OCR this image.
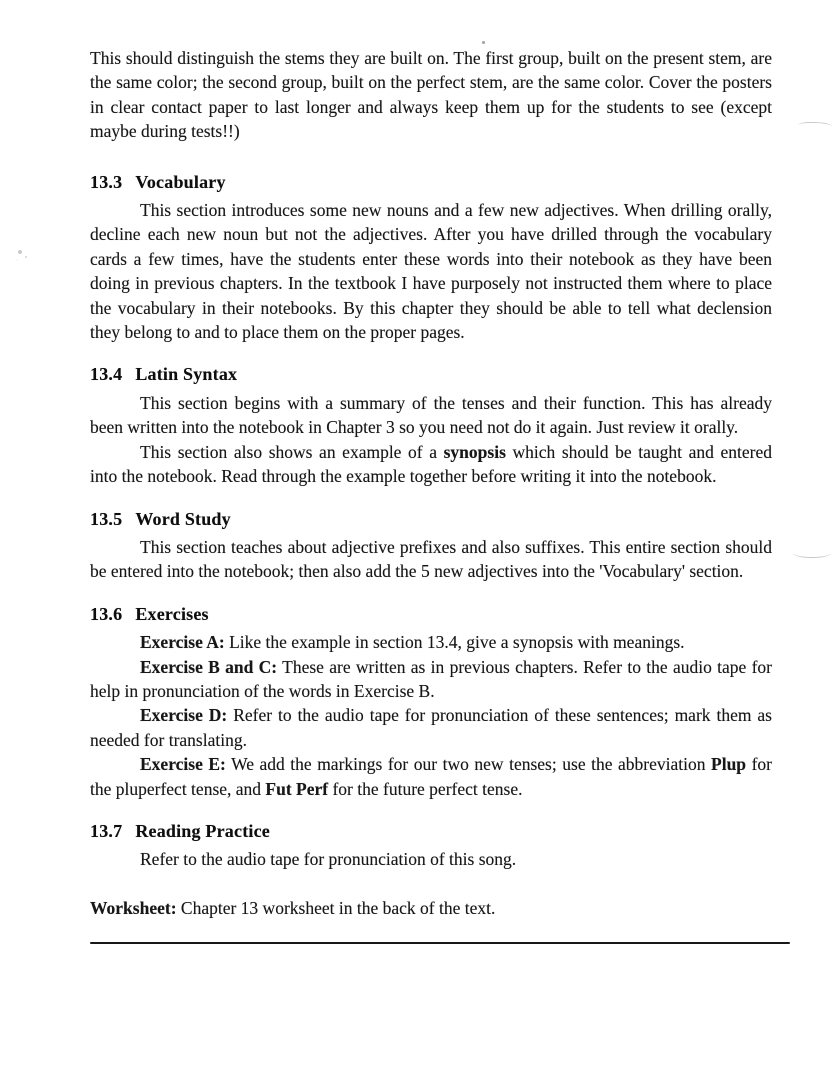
This should distinguish the stems they are built on. The first group, built on the present stem, are the same color; the second group, built on the perfect stem, are the same color. Cover the posters in clear contact paper to last longer and always keep them up for the students to see (except maybe during tests!!)

13.3 Vocabulary

This section introduces some new nouns and a few new adjectives. When drilling orally, decline each new noun but not the adjectives. After you have drilled through the vocabulary cards a few times, have the students enter these words into their notebook as they have been doing in previous chapters. In the textbook I have purposely not instructed them where to place the vocabulary in their notebooks. By this chapter they should be able to tell what declension they belong to and to place them on the proper pages.

13.4 Latin Syntax

This section begins with a summary of the tenses and their function. This has already been written into the notebook in Chapter 3 so you need not do it again. Just review it orally.

This section also shows an example of a synopsis which should be taught and entered into the notebook. Read through the example together before writing it into the notebook.

13.5 Word Study

This section teaches about adjective prefixes and also suffixes. This entire section should be entered into the notebook; then also add the 5 new adjectives into the 'Vocabulary' section.

13.6 Exercises

Exercise A: Like the example in section 13.4, give a synopsis with meanings.

Exercise B and C: These are written as in previous chapters. Refer to the audio tape for help in pronunciation of the words in Exercise B.

Exercise D: Refer to the audio tape for pronunciation of these sentences; mark them as needed for translating.

Exercise E: We add the markings for our two new tenses; use the abbreviation Plup for the pluperfect tense, and Fut Perf for the future perfect tense.

13.7 Reading Practice

Refer to the audio tape for pronunciation of this song.

Worksheet: Chapter 13 worksheet in the back of the text.
